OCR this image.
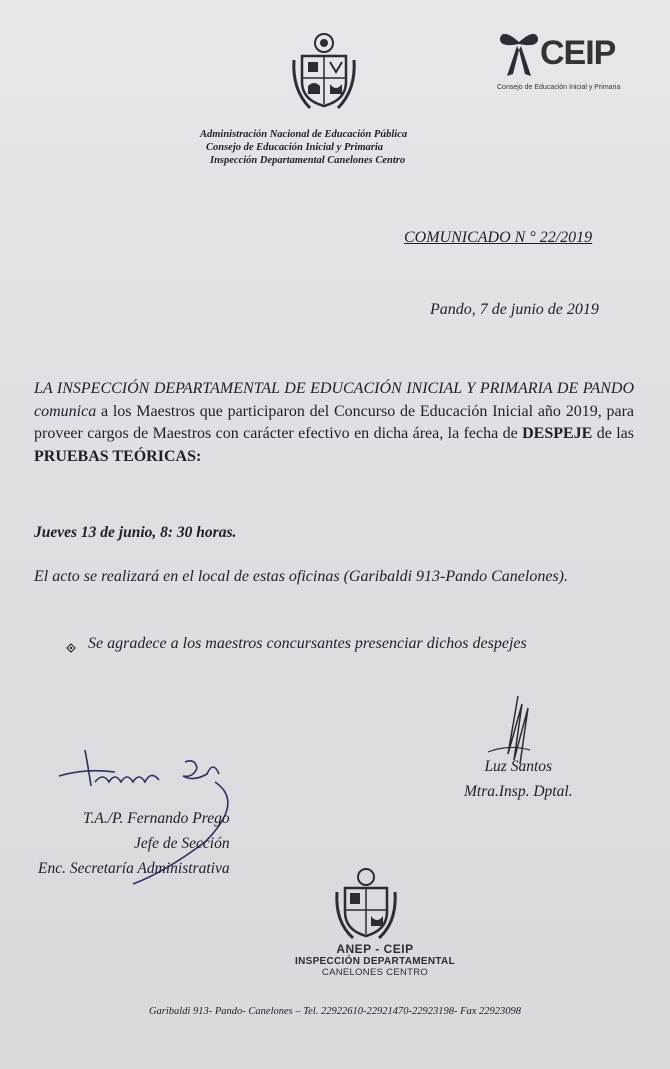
CEIP
Consejo de Educación Inicial y Primaria
Administración Nacional de Educación Pública
Consejo de Educación Inicial y Primaria
Inspección Departamental Canelones Centro
COMUNICADO N ° 22/2019
Pando, 7 de junio de 2019
LA INSPECCIÓN DEPARTAMENTAL DE EDUCACIÓN INICIAL Y PRIMARIA DE PANDO comunica a los Maestros que participaron del Concurso de Educación Inicial año 2019, para proveer cargos de Maestros con carácter efectivo en dicha área, la fecha de DESPEJE de las PRUEBAS TEÓRICAS:
Jueves 13 de junio, 8: 30 horas.
El acto se realizará en el local de estas oficinas (Garibaldi 913-Pando Canelones).
Se agradece a los maestros concursantes presenciar dichos despejes
Luz Santos
Mtra.Insp. Dptal.
T.A./P. Fernando Prego
Jefe de Sección
Enc. Secretaría Administrativa
ANEP - CEIP
INSPECCIÓN DEPARTAMENTAL
CANELONES CENTRO
Garibaldi 913- Pando- Canelones – Tel. 22922610-22921470-22923198- Fax 22923098
